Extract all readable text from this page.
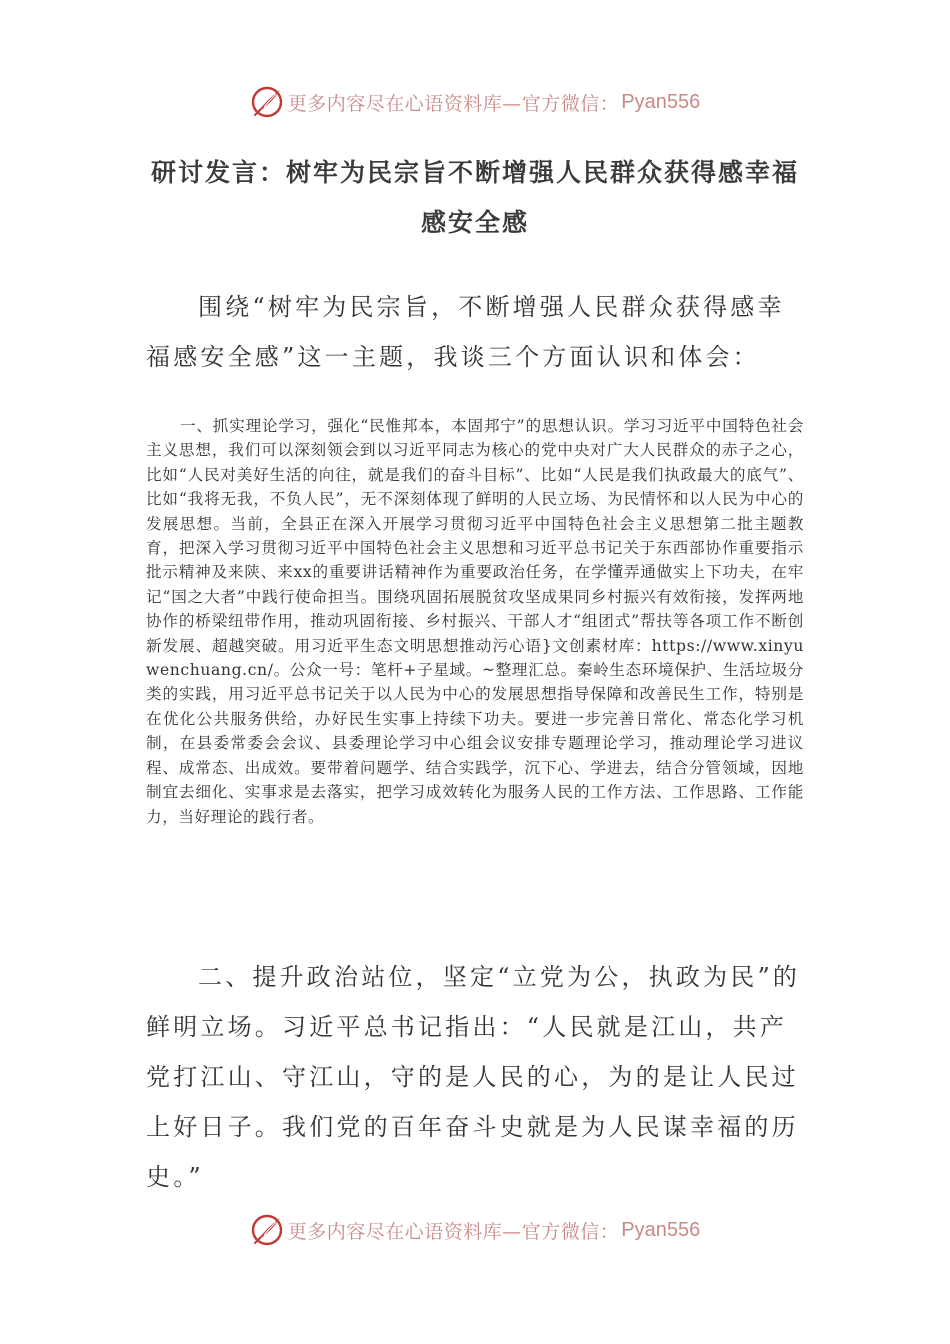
更多内容尽在心语资料库—官方微信： Pyan556
研讨发言：树牢为民宗旨不断增强人民群众获得感幸福感安全感

围绕“树牢为民宗旨，不断增强人民群众获得感幸福感安全感”这一主题，我谈三个方面认识和体会：

一、抓实理论学习，强化“民惟邦本，本固邦宁”的思想认识。学习习近平中国特色社会主义思想，我们可以深刻领会到以习近平同志为核心的党中央对广大人民群众的赤子之心，比如“人民对美好生活的向往，就是我们的奋斗目标”、比如“人民是我们执政最大的底气”、比如“我将无我，不负人民”，无不深刻体现了鲜明的人民立场、为民情怀和以人民为中心的发展思想。当前，全县正在深入开展学习贯彻习近平中国特色社会主义思想第二批主题教育，把深入学习贯彻习近平中国特色社会主义思想和习近平总书记关于东西部协作重要指示批示精神及来陕、来xx的重要讲话精神作为重要政治任务，在学懂弄通做实上下功夫，在牢记“国之大者”中践行使命担当。围绕巩固拓展脱贫攻坚成果同乡村振兴有效衔接，发挥两地协作的桥梁纽带作用，推动巩固衔接、乡村振兴、干部人才“组团式”帮扶等各项工作不断创新发展、超越突破。用习近平生态文明思想推动污心语}文创素材库：https://www.xinyuwenchuang.cn/。公众一号：笔杆+子星域。~整理汇总。秦岭生态环境保护、生活垃圾分类的实践，用习近平总书记关于以人民为中心的发展思想指导保障和改善民生工作，特别是在优化公共服务供给，办好民生实事上持续下功夫。要进一步完善日常化、常态化学习机制，在县委常委会会议、县委理论学习中心组会议安排专题理论学习，推动理论学习进议程、成常态、出成效。要带着问题学、结合实践学，沉下心、学进去，结合分管领域，因地制宜去细化、实事求是去落实，把学习成效转化为服务人民的工作方法、工作思路、工作能力，当好理论的践行者。

二、提升政治站位，坚定“立党为公，执政为民”的鲜明立场。习近平总书记指出：“人民就是江山，共产党打江山、守江山，守的是人民的心，为的是让人民过上好日子。我们党的百年奋斗史就是为人民谋幸福的历史。”

更多内容尽在心语资料库—官方微信： Pyan556
